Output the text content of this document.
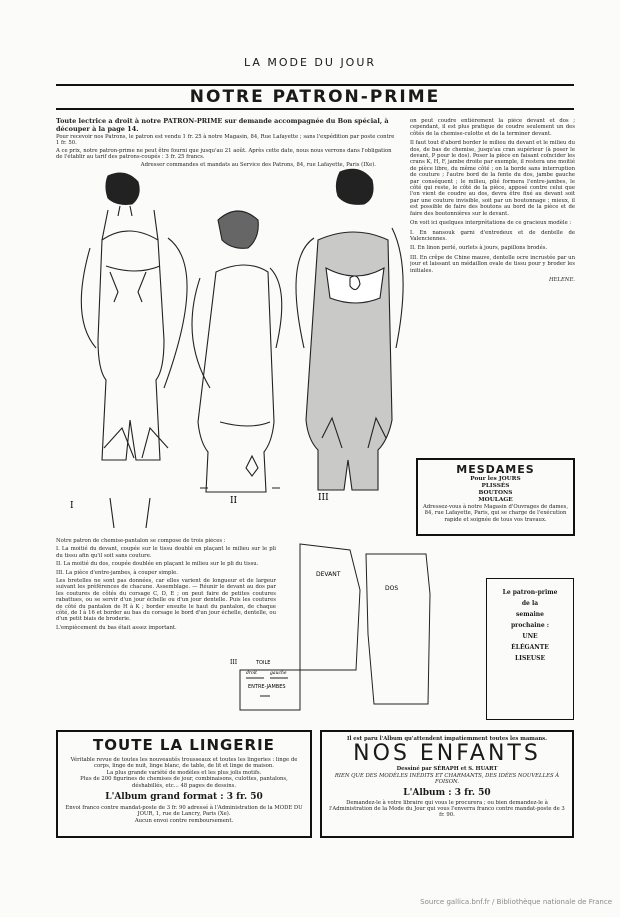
LA MODE DU JOUR
NOTRE PATRON-PRIME

Toute lectrice a droit à notre PATRON-PRIME sur demande accompagnée du Bon spécial, à découper à la page 14.

Pour recevoir nos Patrons, le patron est vendu 1 fr. 25 à notre Magasin, 84, Rue Lafayette ; sans l'expédition par poste contre 1 fr. 50.

A ce prix, notre patron-prime ne peut être fourni que jusqu'au 21 août. Après cette date, nous nous verrons dans l'obligation de l'établir au tarif des patrons-coupés : 3 fr. 25 francs.

Adresser commandes et mandats au Service des Patrons, 84, rue Lafayette, Paris (IXe).

on peut coudre entièrement la pièce devant et dos ; cependant, il est plus pratique de coudre seulement un des côtés de la chemise-culotte et de la terminer devant.

Il faut tout d'abord border le milieu du devant et le milieu du dos, de bas de chemise, jusqu'au cran supérieur (à poser le devant, P pour le dos). Poser la pièce en faisant coïncider les crans K, H, F, jambe droite par exemple, il restera une moitié de pièce libre, du même côté ; on la borde sans interruption de couture ; l'autre bord de la fente du dos, jambe gauche par conséquent ; le milieu, plié formera l'entre-jambes, le côté qui reste, le côté de la pièce, apposé contre celui que l'on vient de coudre au dos, devra être fixé au devant soit par une couture invisible, soit par un boutonnage ; mieux, il est possible de faire des boutons au bord de la pièce et de faire des boutonnières sur le devant.

On voit ici quelques interprétations de ce gracieux modèle :

I. En nansouk garni d'entredeux et de dentelle de Valenciennes.

II. En linon perlé, ourlets à jours, papillons brodés.

III. En crêpe de Chine mauve, dentelle ocre incrustée par un jour et laissant un médaillon ovale de tissu pour y broder les initiales.

HELENE.

I	II	III
MESDAMES
Pour les JOURS
PLISSÉS
BOUTONS
MOULAGE
Adressez-vous à notre Magasin d'Ouvrages de dames, 84, rue Lafayette, Paris, qui se charge de l'exécution rapide et soignée de tous vos travaux.

Notre patron de chemise-pantalon se compose de trois pièces :

I. La moitié du devant, coupée sur le tissu doublé en plaçant le milieu sur le pli du tissu afin qu'il soit sans couture.

II. La moitié du dos, coupée doublée en plaçant le milieu sur le pli du tissu.

III. La pièce d'entre-jambes, à couper simple.

Les bretelles ne sont pas données, car elles varient de longueur et de largeur suivant les préférences de chacune. Assemblage. — Réunir le devant au dos par les coutures de côtés du corsage C, D, E ; on peut faire de petites coutures rabattues, ou se servir d'un jour échelle ou d'un jour dentelle. Puis les coutures de côté du pantalon de H à K ; border ensuite le haut du pantalon, de chaque côté, de I à 16 et border au bas du corsage le bord d'un jour échelle, dentelle, ou d'un petit biais de broderie.

L'empiècement du bas était assez important.

DEVANT
DOS
ENTRE-JAMBES
III	TOILE
droit	gauche

Le patron-prime

de la

semaine

prochaine :

UNE

ÉLÉGANTE

LISEUSE

TOUTE LA LINGERIE
Véritable revue de toutes les nouveautés trousseaux et toutes les lingeries : linge de corps, linge de nuit, linge blanc, de table, de lit et linge de maison.
La plus grande variété de modèles et les plus jolis motifs.
Plus de 200 figurines de chemises de jour, combinaisons, culottes, pantalons, déshabillés, etc... 48 pages de dessins.
L'Album grand format : 3 fr. 50
Envoi franco contre mandat-poste de 3 fr. 90 adressé à l'Administration de la MODE DU JOUR, 1, rue de Lancry, Paris (Xe).
Aucun envoi contre remboursement.
Il est paru l'Album qu'attendent impatiemment toutes les mamans.
NOS ENFANTS
Dessiné par SÉRAPH et S. HUART
RIEN QUE DES MODÈLES INÉDITS ET CHARMANTS, DES IDÉES NOUVELLES À FOISON.
L'Album : 3 fr. 50
Demandez-le à votre libraire qui vous le procurera ; ou bien demandez-le à l'Administration de la Mode du Jour qui vous l'enverra franco contre mandat-poste de 3 fr. 90.
Source gallica.bnf.fr / Bibliothèque nationale de France
